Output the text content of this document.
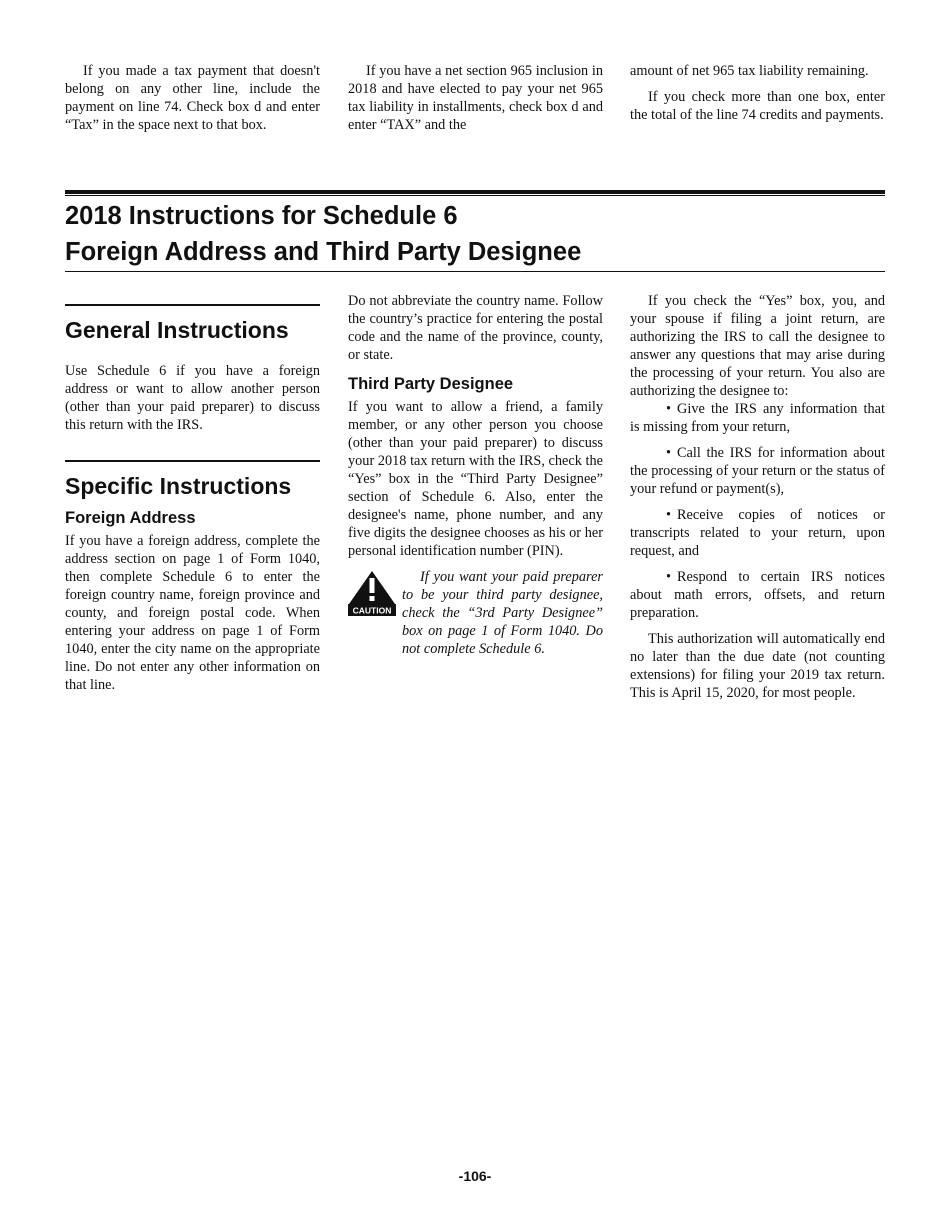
If you made a tax payment that doesn't belong on any other line, include the payment on line 74. Check box d and enter “Tax” in the space next to that box.

If you have a net section 965 inclusion in 2018 and have elected to pay your net 965 tax liability in installments, check box d and enter “TAX” and the

amount of net 965 tax liability remaining.

If you check more than one box, enter the total of the line 74 credits and payments.

2018 Instructions for Schedule 6
Foreign Address and Third Party Designee
General Instructions

Use Schedule 6 if you have a foreign address or want to allow another person (other than your paid preparer) to discuss this return with the IRS.

Specific Instructions
Foreign Address

If you have a foreign address, complete the address section on page 1 of Form 1040, then complete Schedule 6 to enter the foreign country name, foreign province and county, and foreign postal code. When entering your address on page 1 of Form 1040, enter the city name on the appropriate line. Do not enter any other information on that line.

Do not abbreviate the country name. Follow the country’s practice for entering the postal code and the name of the province, county, or state.

Third Party Designee

If you want to allow a friend, a family member, or any other person you choose (other than your paid preparer) to discuss your 2018 tax return with the IRS, check the “Yes” box in the “Third Party Designee” section of Schedule 6. Also, enter the designee's name, phone number, and any five digits the designee chooses as his or her personal identification number (PIN).

CAUTION

If you want your paid preparer to be your third party designee, check the “3rd Party Designee” box on page 1 of Form 1040. Do not complete Schedule 6.

If you check the “Yes” box, you, and your spouse if filing a joint return, are authorizing the IRS to call the designee to answer any questions that may arise during the processing of your return. You also are authorizing the designee to:

• Give the IRS any information that is missing from your return,

• Call the IRS for information about the processing of your return or the status of your refund or payment(s),

• Receive copies of notices or transcripts related to your return, upon request, and

• Respond to certain IRS notices about math errors, offsets, and return preparation.

This authorization will automatically end no later than the due date (not counting extensions) for filing your 2019 tax return. This is April 15, 2020, for most people.

-106-
